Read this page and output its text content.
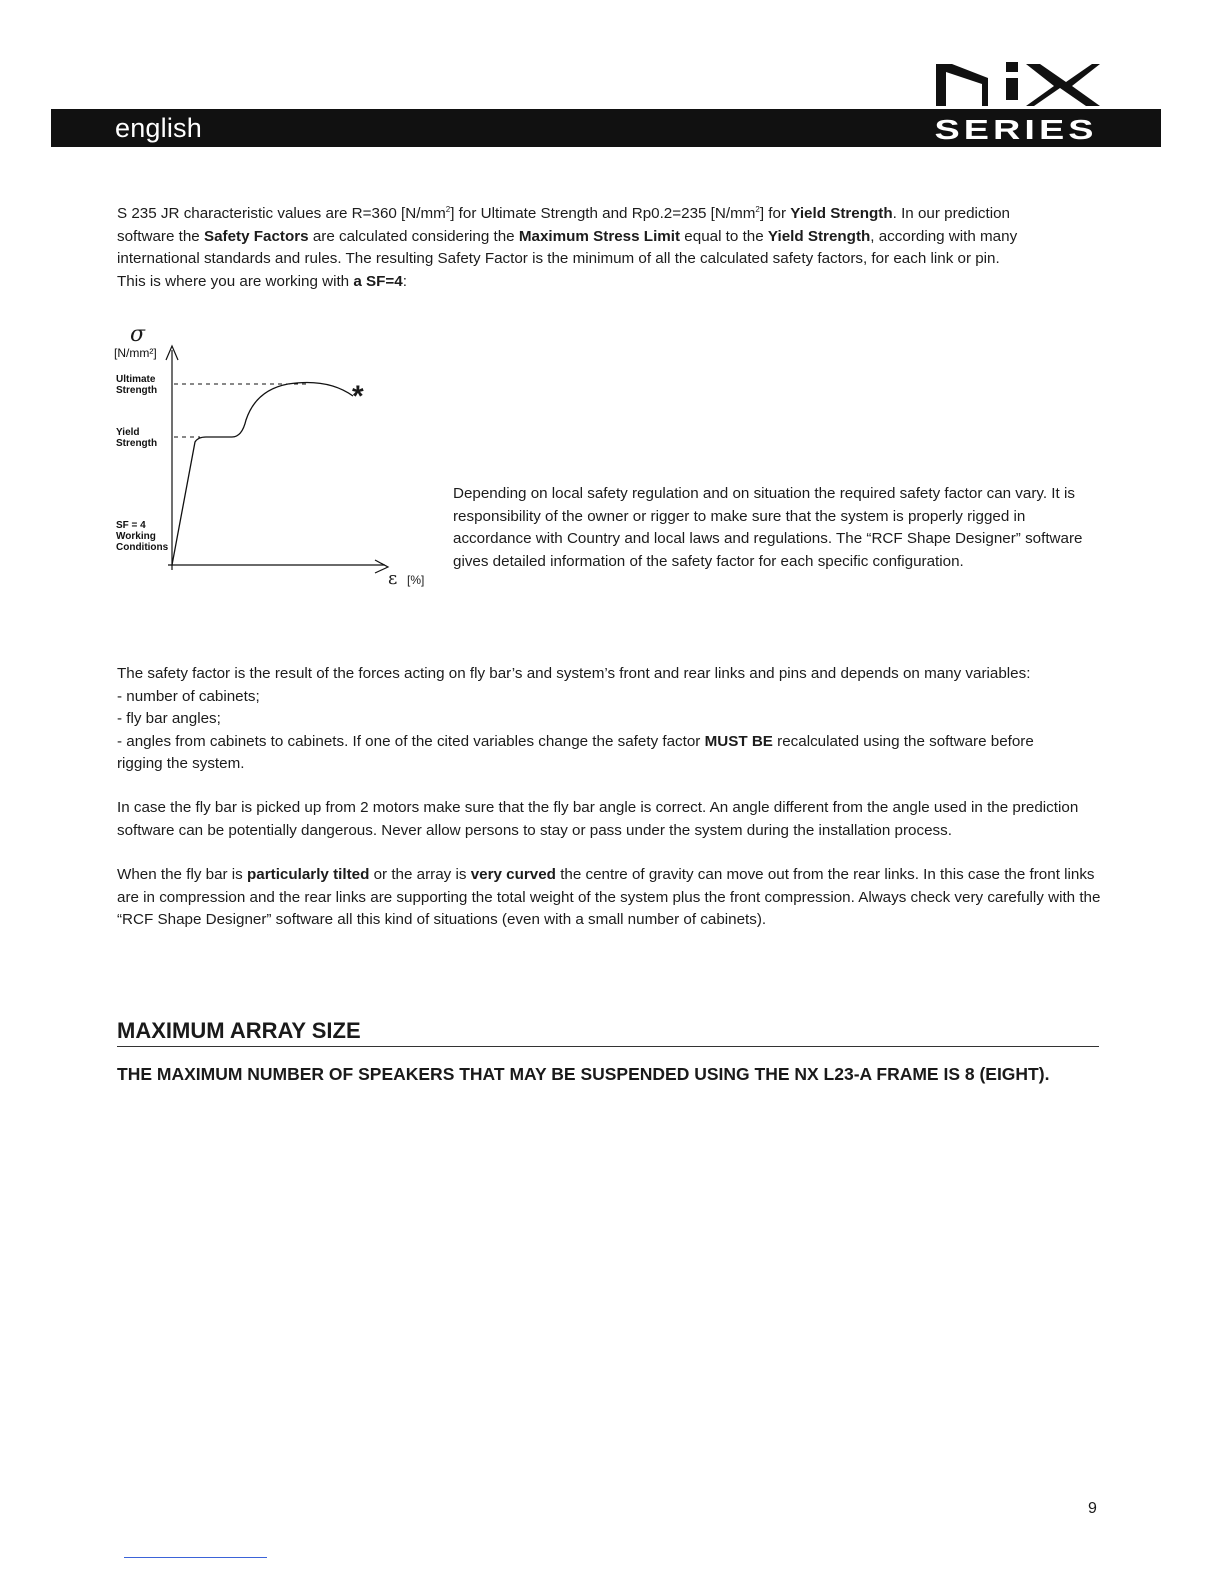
english	SERIES

S 235 JR characteristic values are R=360 $[N/mm^2]$ for Ultimate Strength and Rp0.2=235 $[N/mm^2]$ for Yield Strength. In our prediction
software the Safety Factors are calculated considering the Maximum Stress Limit equal to the Yield Strength, according with many
international standards and rules. The resulting Safety Factor is the minimum of all the calculated safety factors, for each link or pin.
This is where you are working with a SF=4:

σ
[N/mm²]
Ultimate
Strength
Yield
Strength
SF = 4
Working
Conditions
*
ε [%]
Depending on local safety regulation and on situation the required safety factor can vary. It is responsibility of the owner or rigger to make sure that the system is properly rigged in accordance with Country and local laws and regulations. The “RCF Shape Designer” software gives detailed information of the safety factor for each specific configuration.

The safety factor is the result of the forces acting on fly bar’s and system’s front and rear links and pins and depends on many variables:
- number of cabinets;
- fly bar angles;
- angles from cabinets to cabinets. If one of the cited variables change the safety factor MUST BE recalculated using the software before
rigging the system.

In case the fly bar is picked up from 2 motors make sure that the fly bar angle is correct. An angle different from the angle used in the prediction software can be potentially dangerous. Never allow persons to stay or pass under the system during the installation process.

When the fly bar is particularly tilted or the array is very curved the centre of gravity can move out from the rear links. In this case the front links are in compression and the rear links are supporting the total weight of the system plus the front compression. Always check very carefully with the “RCF Shape Designer” software all this kind of situations (even with a small number of cabinets).

MAXIMUM ARRAY SIZE
THE MAXIMUM NUMBER OF SPEAKERS THAT MAY BE SUSPENDED USING THE NX L23-A FRAME IS 8 (EIGHT).
9
